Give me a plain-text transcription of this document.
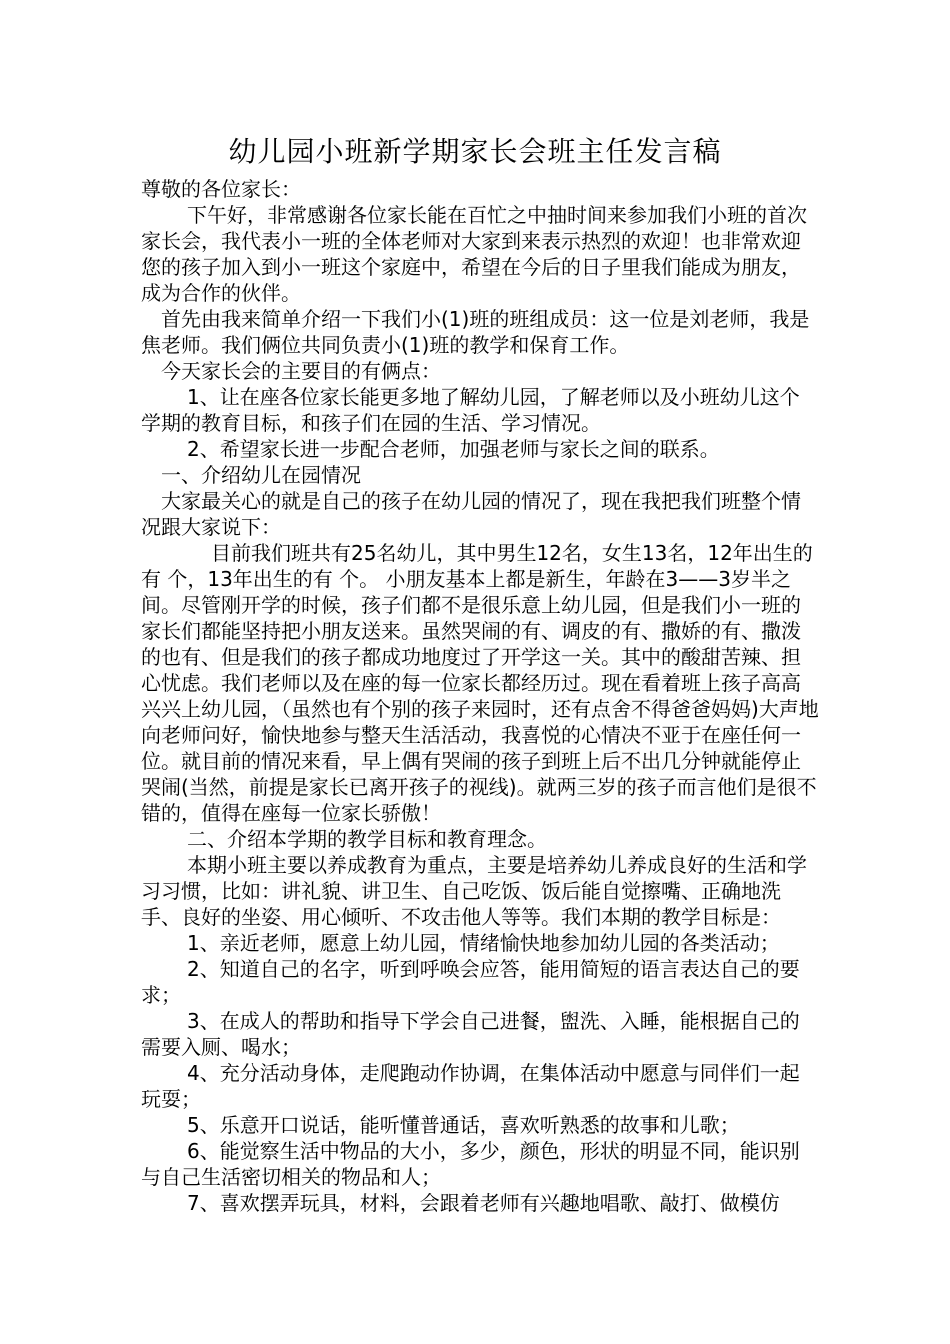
幼儿园小班新学期家长会班主任发言稿

尊敬的各位家长：

下午好，非常感谢各位家长能在百忙之中抽时间来参加我们小班的首次家长会，我代表小一班的全体老师对大家到来表示热烈的欢迎！也非常欢迎您的孩子加入到小一班这个家庭中，希望在今后的日子里我们能成为朋友，成为合作的伙伴。

首先由我来简单介绍一下我们小(1)班的班组成员：这一位是刘老师，我是焦老师。我们俩位共同负责小(1)班的教学和保育工作。

今天家长会的主要目的有俩点：

1、让在座各位家长能更多地了解幼儿园，了解老师以及小班幼儿这个学期的教育目标，和孩子们在园的生活、学习情况。

2、希望家长进一步配合老师，加强老师与家长之间的联系。

一、介绍幼儿在园情况

大家最关心的就是自己的孩子在幼儿园的情况了，现在我把我们班整个情况跟大家说下：

目前我们班共有25名幼儿，其中男生12名，女生13名，12年出生的有 个，13年出生的有 个。 小朋友基本上都是新生，年龄在3——3岁半之间。尽管刚开学的时候，孩子们都不是很乐意上幼儿园，但是我们小一班的家长们都能坚持把小朋友送来。虽然哭闹的有、调皮的有、撒娇的有、撒泼的也有、但是我们的孩子都成功地度过了开学这一关。其中的酸甜苦辣、担心忧虑。我们老师以及在座的每一位家长都经历过。现在看着班上孩子高高兴兴上幼儿园，（虽然也有个别的孩子来园时，还有点舍不得爸爸妈妈)大声地向老师问好，愉快地参与整天生活活动，我喜悦的心情决不亚于在座任何一位。就目前的情况来看，早上偶有哭闹的孩子到班上后不出几分钟就能停止哭闹(当然，前提是家长已离开孩子的视线)。就两三岁的孩子而言他们是很不错的，值得在座每一位家长骄傲！

二、介绍本学期的教学目标和教育理念。

本期小班主要以养成教育为重点，主要是培养幼儿养成良好的生活和学习习惯，比如：讲礼貌、讲卫生、自己吃饭、饭后能自觉擦嘴、正确地洗手、良好的坐姿、用心倾听、不攻击他人等等。我们本期的教学目标是：

1、亲近老师，愿意上幼儿园，情绪愉快地参加幼儿园的各类活动；

2、知道自己的名字，听到呼唤会应答，能用简短的语言表达自己的要求；

3、在成人的帮助和指导下学会自己进餐，盥洗、入睡，能根据自己的需要入厕、喝水；

4、充分活动身体，走爬跑动作协调，在集体活动中愿意与同伴们一起玩耍；

5、乐意开口说话，能听懂普通话，喜欢听熟悉的故事和儿歌；

6、能觉察生活中物品的大小，多少，颜色，形状的明显不同，能识别与自己生活密切相关的物品和人；

7、喜欢摆弄玩具，材料，会跟着老师有兴趣地唱歌、敲打、做模仿
